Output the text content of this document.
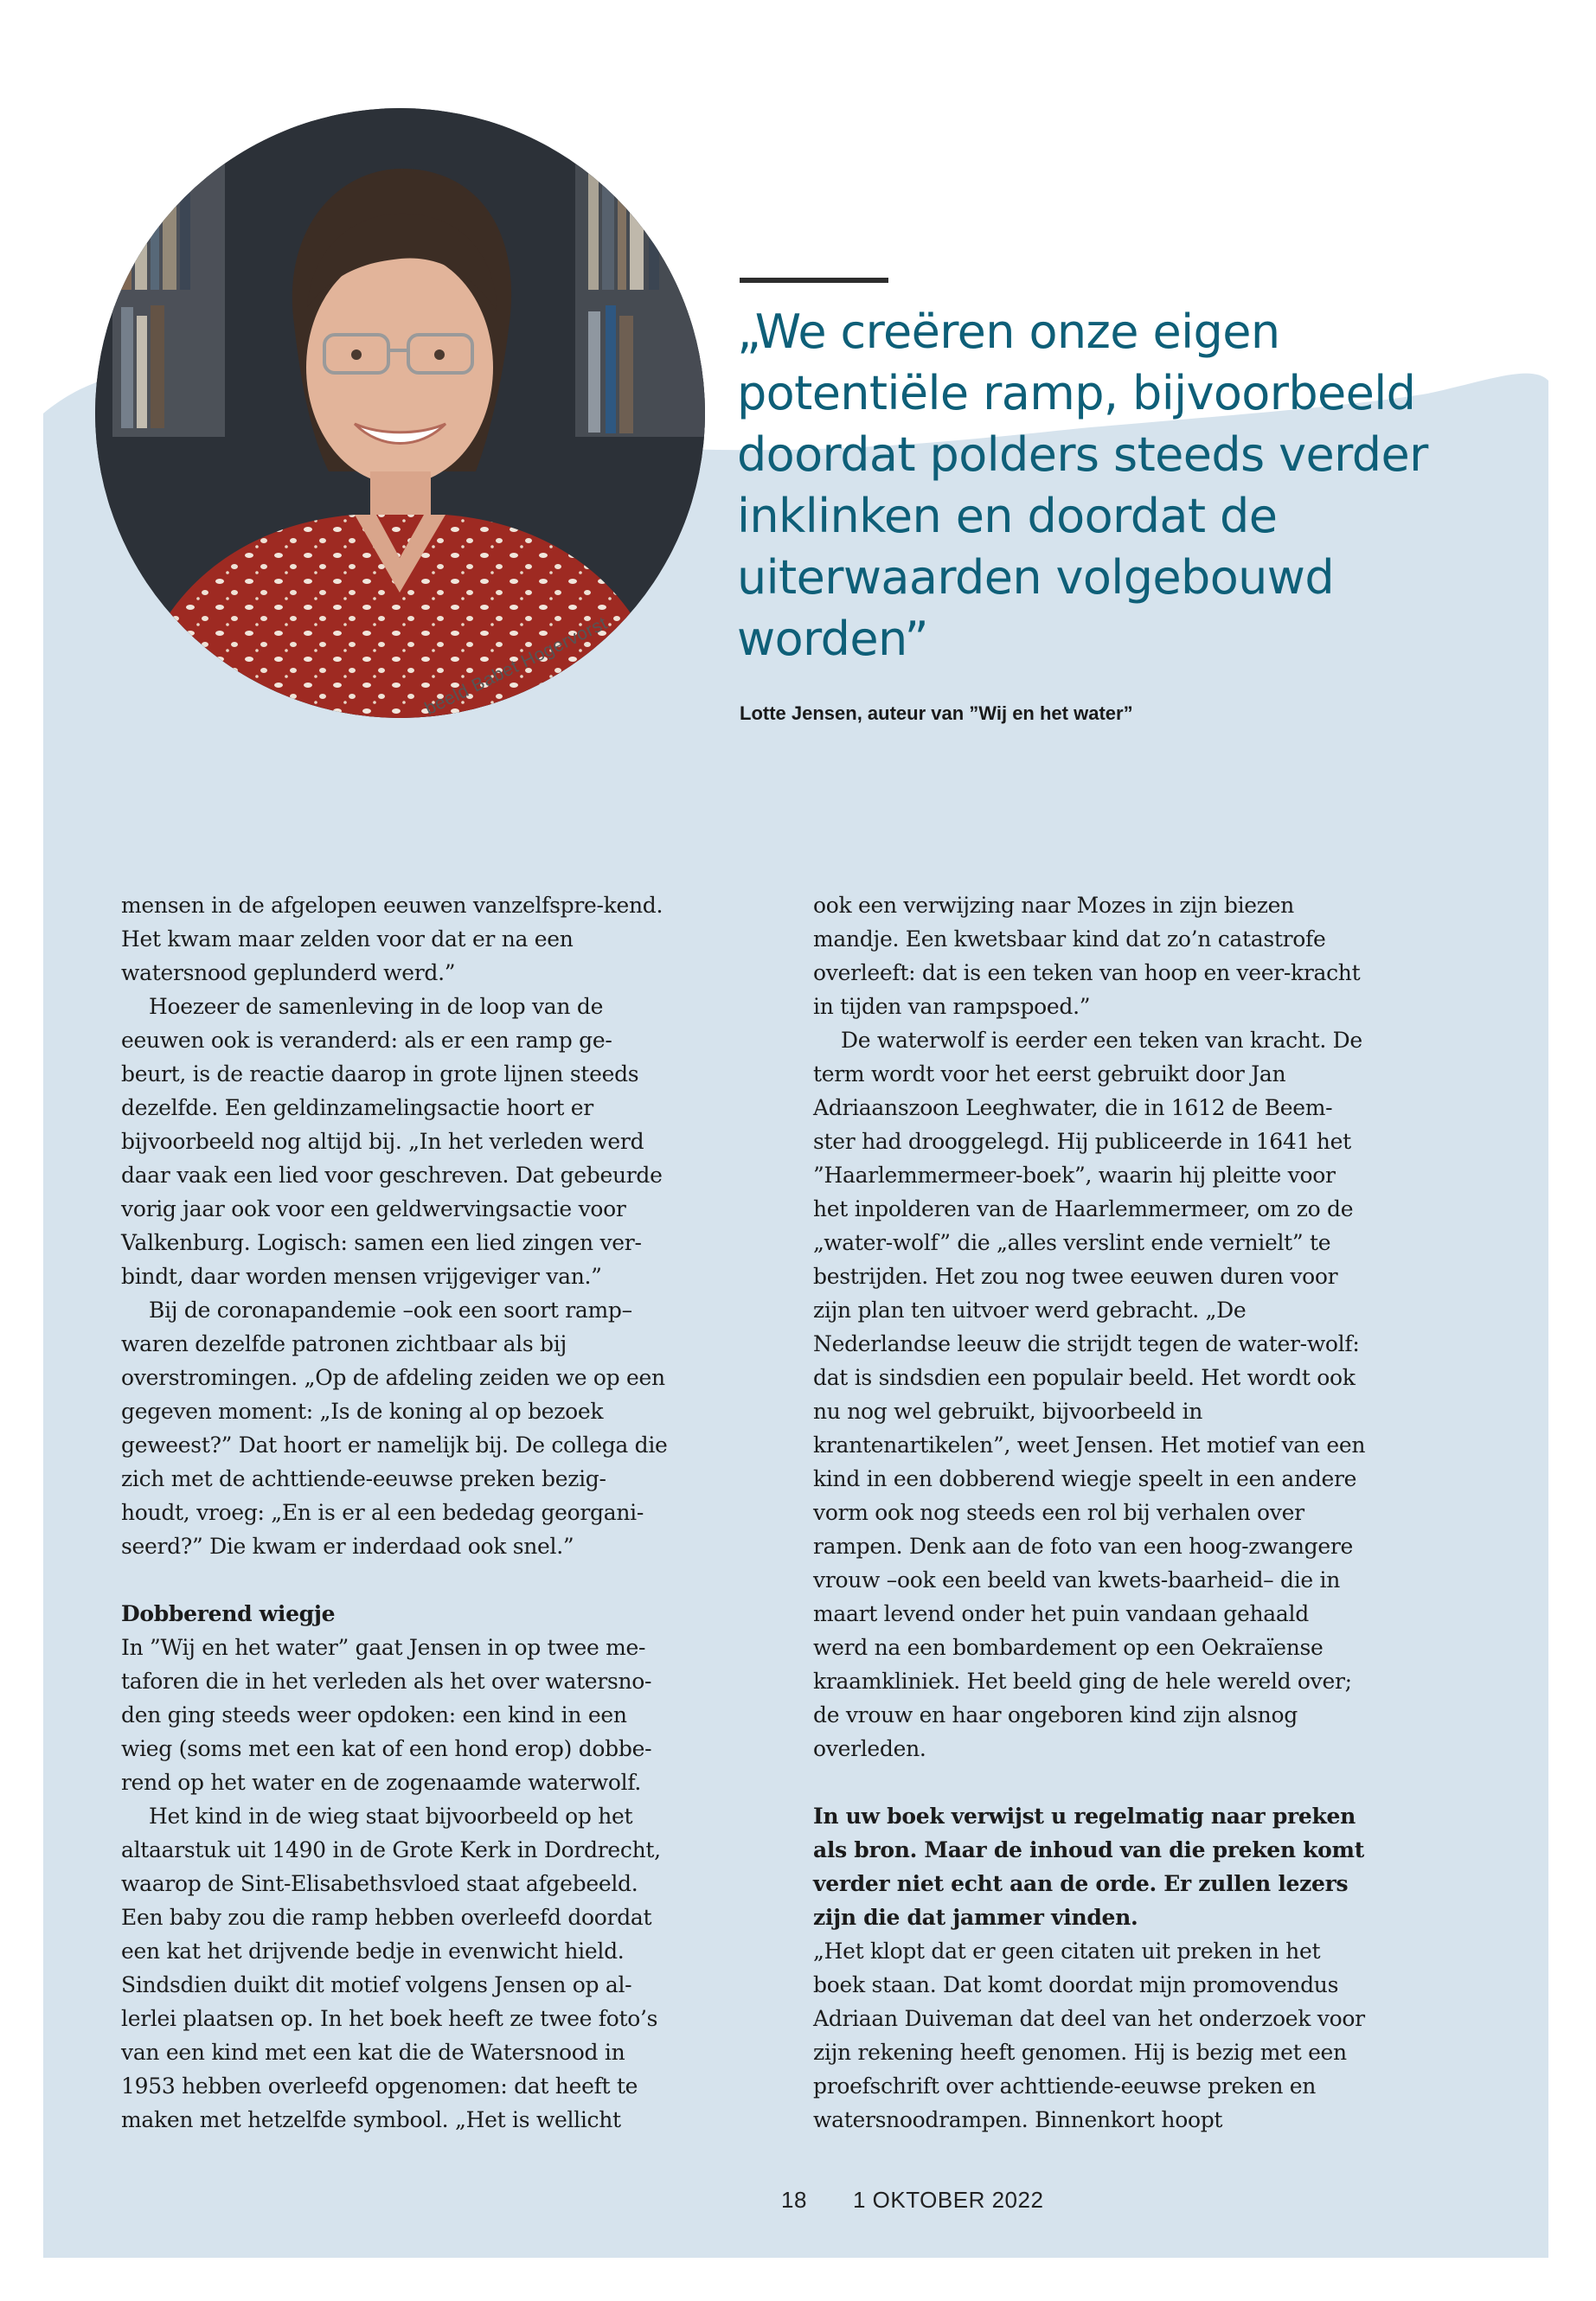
beeld Babet Hogervorst
„We creëren onze eigen potentiële ramp, bijvoorbeeld doordat polders steeds verder inklinken en doordat de uiterwaarden volgebouwd worden”
Lotte Jensen, auteur van ”Wij en het water”

mensen in de afgelopen eeuwen vanzelfspre-kend. Het kwam maar zelden voor dat er na een watersnood geplunderd werd.”

Hoezeer de samenleving in de loop van de eeuwen ook is veranderd: als er een ramp ge-beurt, is de reactie daarop in grote lijnen steeds dezelfde. Een geldinzamelingsactie hoort er bijvoorbeeld nog altijd bij. „In het verleden werd daar vaak een lied voor geschreven. Dat gebeurde vorig jaar ook voor een geldwervingsactie voor Valkenburg. Logisch: samen een lied zingen ver-bindt, daar worden mensen vrijgeviger van.”

Bij de coronapandemie –ook een soort ramp– waren dezelfde patronen zichtbaar als bij overstromingen. „Op de afdeling zeiden we op een gegeven moment: „Is de koning al op bezoek geweest?” Dat hoort er namelijk bij. De collega die zich met de achttiende-eeuwse preken bezig-houdt, vroeg: „En is er al een bededag georgani-seerd?” Die kwam er inderdaad ook snel.”

Dobberend wiegje

In ”Wij en het water” gaat Jensen in op twee me-taforen die in het verleden als het over watersno-den ging steeds weer opdoken: een kind in een wieg (soms met een kat of een hond erop) dobbe-rend op het water en de zogenaamde waterwolf.

Het kind in de wieg staat bijvoorbeeld op het altaarstuk uit 1490 in de Grote Kerk in Dordrecht, waarop de Sint-Elisabethsvloed staat afgebeeld. Een baby zou die ramp hebben overleefd doordat een kat het drijvende bedje in evenwicht hield. Sindsdien duikt dit motief volgens Jensen op al-lerlei plaatsen op. In het boek heeft ze twee foto’s van een kind met een kat die de Watersnood in 1953 hebben overleefd opgenomen: dat heeft te maken met hetzelfde symbool. „Het is wellicht

ook een verwijzing naar Mozes in zijn biezen mandje. Een kwetsbaar kind dat zo’n catastrofe overleeft: dat is een teken van hoop en veer-kracht in tijden van rampspoed.”

De waterwolf is eerder een teken van kracht. De term wordt voor het eerst gebruikt door Jan Adriaanszoon Leeghwater, die in 1612 de Beem-ster had drooggelegd. Hij publiceerde in 1641 het ”Haarlemmermeer-boek”, waarin hij pleitte voor het inpolderen van de Haarlemmermeer, om zo de „water-wolf” die „alles verslint ende vernielt” te bestrijden. Het zou nog twee eeuwen duren voor zijn plan ten uitvoer werd gebracht. „De Nederlandse leeuw die strijdt tegen de water-wolf: dat is sindsdien een populair beeld. Het wordt ook nu nog wel gebruikt, bijvoorbeeld in krantenartikelen”, weet Jensen. Het motief van een kind in een dobberend wiegje speelt in een andere vorm ook nog steeds een rol bij verhalen over rampen. Denk aan de foto van een hoog-zwangere vrouw –ook een beeld van kwets-baarheid– die in maart levend onder het puin vandaan gehaald werd na een bombardement op een Oekraïense kraamkliniek. Het beeld ging de hele wereld over; de vrouw en haar ongeboren kind zijn alsnog overleden.

In uw boek verwijst u regelmatig naar preken als bron. Maar de inhoud van die preken komt verder niet echt aan de orde. Er zullen lezers zijn die dat jammer vinden.

„Het klopt dat er geen citaten uit preken in het boek staan. Dat komt doordat mijn promovendus Adriaan Duiveman dat deel van het onderzoek voor zijn rekening heeft genomen. Hij is bezig met een proefschrift over achttiende-eeuwse preken en watersnoodrampen. Binnenkort hoopt

18 1 OKTOBER 2022
